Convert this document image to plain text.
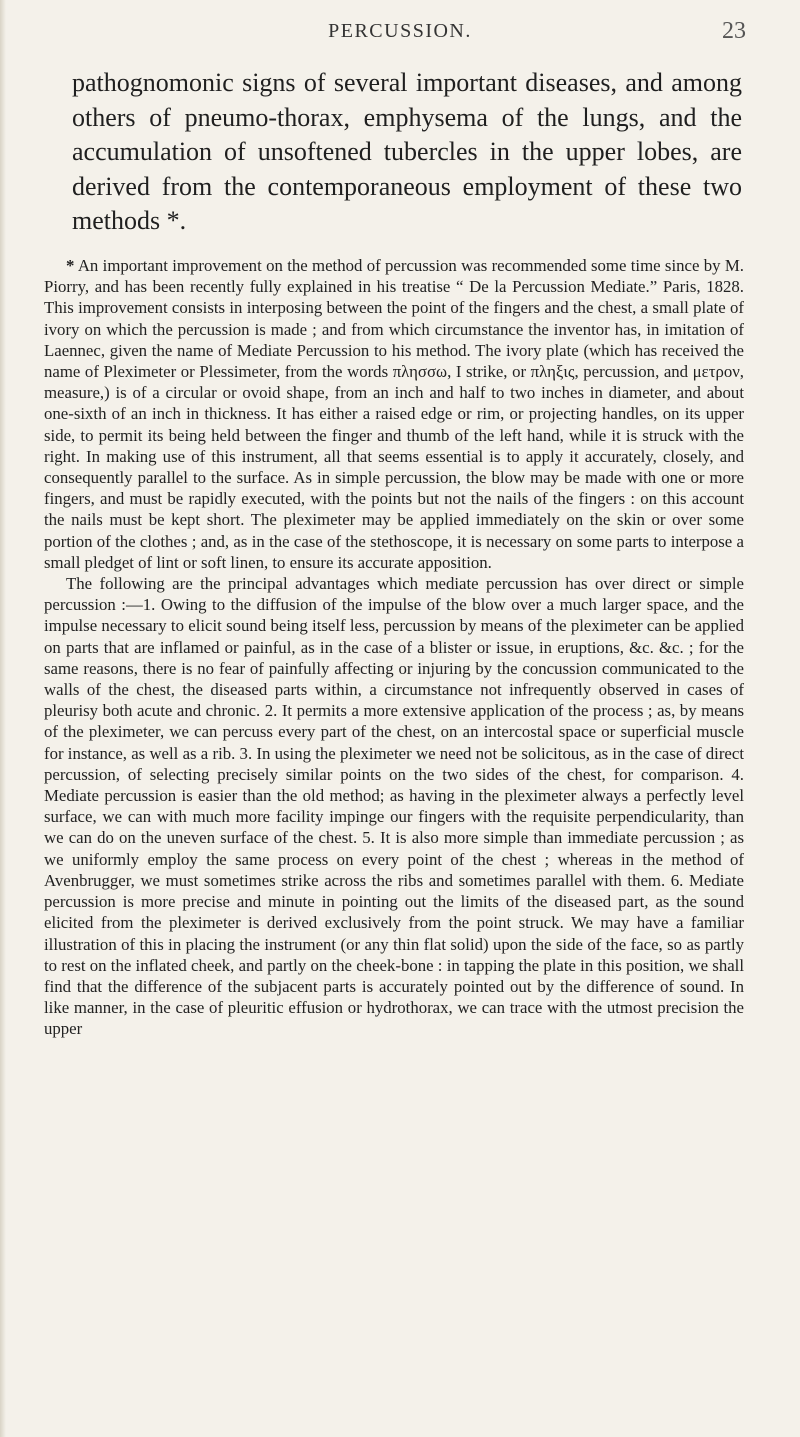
PERCUSSION.	23

pathognomonic signs of several important diseases, and among others of pneumo-thorax, emphysema of the lungs, and the accumulation of unsoftened tubercles in the upper lobes, are derived from the contemporaneous employment of these two methods *.

* An important improvement on the method of percussion was recommended some time since by M. Piorry, and has been recently fully explained in his treatise “ De la Percussion Mediate.” Paris, 1828. This improvement consists in interposing between the point of the fingers and the chest, a small plate of ivory on which the percussion is made ; and from which circumstance the inventor has, in imitation of Laennec, given the name of Mediate Percussion to his method. The ivory plate (which has received the name of Pleximeter or Plessimeter, from the words πλησσω, I strike, or πληξις, percussion, and μετρον, measure,) is of a circular or ovoid shape, from an inch and half to two inches in diameter, and about one-sixth of an inch in thickness. It has either a raised edge or rim, or projecting handles, on its upper side, to permit its being held between the finger and thumb of the left hand, while it is struck with the right. In making use of this instrument, all that seems essential is to apply it accurately, closely, and consequently parallel to the surface. As in simple percussion, the blow may be made with one or more fingers, and must be rapidly executed, with the points but not the nails of the fingers : on this account the nails must be kept short. The pleximeter may be applied immediately on the skin or over some portion of the clothes ; and, as in the case of the stethoscope, it is necessary on some parts to interpose a small pledget of lint or soft linen, to ensure its accurate apposition.

The following are the principal advantages which mediate percussion has over direct or simple percussion :—1. Owing to the diffusion of the impulse of the blow over a much larger space, and the impulse necessary to elicit sound being itself less, percussion by means of the pleximeter can be applied on parts that are inflamed or painful, as in the case of a blister or issue, in eruptions, &c. &c. ; for the same reasons, there is no fear of painfully affecting or injuring by the concussion communicated to the walls of the chest, the diseased parts within, a circumstance not infrequently observed in cases of pleurisy both acute and chronic. 2. It permits a more extensive application of the process ; as, by means of the pleximeter, we can percuss every part of the chest, on an intercostal space or superficial muscle for instance, as well as a rib. 3. In using the pleximeter we need not be solicitous, as in the case of direct percussion, of selecting precisely similar points on the two sides of the chest, for comparison. 4. Mediate percussion is easier than the old method; as having in the pleximeter always a perfectly level surface, we can with much more facility impinge our fingers with the requisite perpendicularity, than we can do on the uneven surface of the chest. 5. It is also more simple than immediate percussion ; as we uniformly employ the same process on every point of the chest ; whereas in the method of Avenbrugger, we must sometimes strike across the ribs and sometimes parallel with them. 6. Mediate percussion is more precise and minute in pointing out the limits of the diseased part, as the sound elicited from the pleximeter is derived exclusively from the point struck. We may have a familiar illustration of this in placing the instrument (or any thin flat solid) upon the side of the face, so as partly to rest on the inflated cheek, and partly on the cheek-bone : in tapping the plate in this position, we shall find that the difference of the subjacent parts is accurately pointed out by the difference of sound. In like manner, in the case of pleuritic effusion or hydrothorax, we can trace with the utmost precision the upper
